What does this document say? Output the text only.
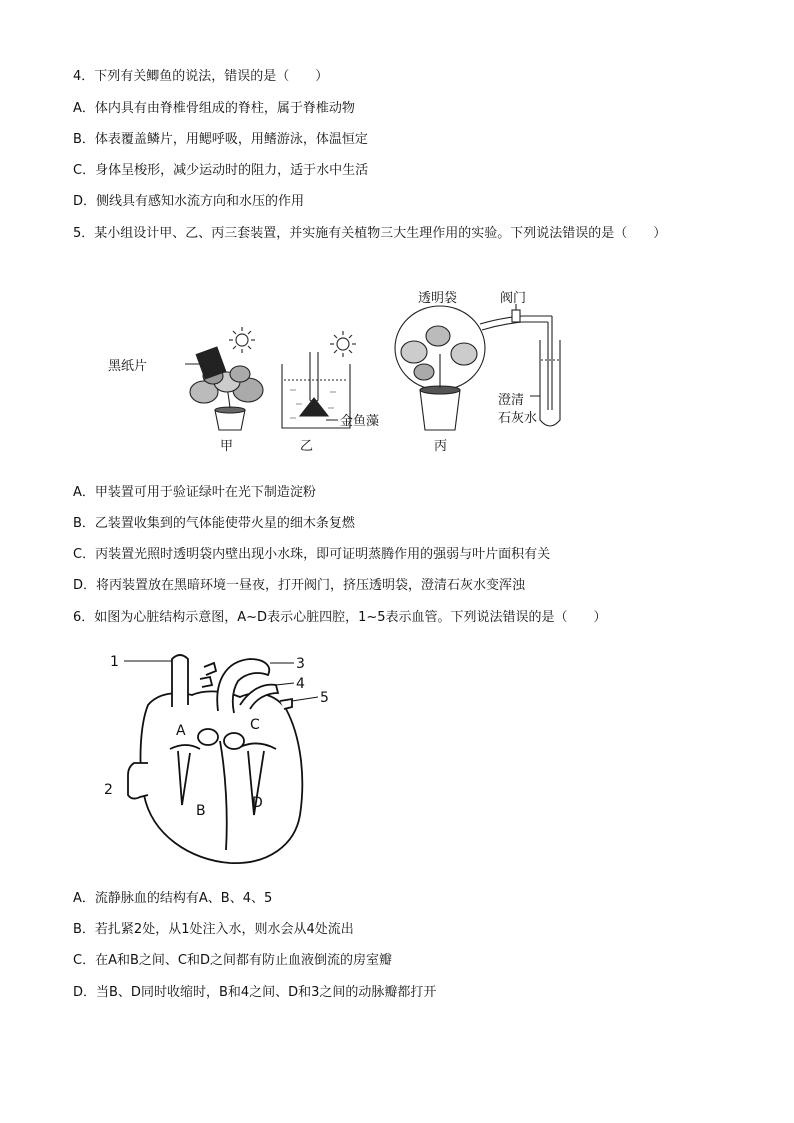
4．下列有关鲫鱼的说法，错误的是（　　）
A．体内具有由脊椎骨组成的脊柱，属于脊椎动物
B．体表覆盖鳞片，用鳃呼吸，用鳍游泳，体温恒定
C．身体呈梭形，减少运动时的阻力，适于水中生活
D．侧线具有感知水流方向和水压的作用
5．某小组设计甲、乙、丙三套装置，并实施有关植物三大生理作用的实验。下列说法错误的是（　　）
黑纸片
甲
金鱼藻
乙
透明袋	阀门
澄清
石灰水
丙
A．甲装置可用于验证绿叶在光下制造淀粉
B．乙装置收集到的气体能使带火星的细木条复燃
C．丙装置光照时透明袋内壁出现小水珠，即可证明蒸腾作用的强弱与叶片面积有关
D．将丙装置放在黑暗环境一昼夜，打开阀门，挤压透明袋，澄清石灰水变浑浊
6．如图为心脏结构示意图，A~D表示心脏四腔，1~5表示血管。下列说法错误的是（　　）
1
2
3
4
5
A	C
B	D
A．流静脉血的结构有A、B、4、5
B．若扎紧2处，从1处注入水，则水会从4处流出
C．在A和B之间、C和D之间都有防止血液倒流的房室瓣
D．当B、D同时收缩时，B和4之间、D和3之间的动脉瓣都打开
